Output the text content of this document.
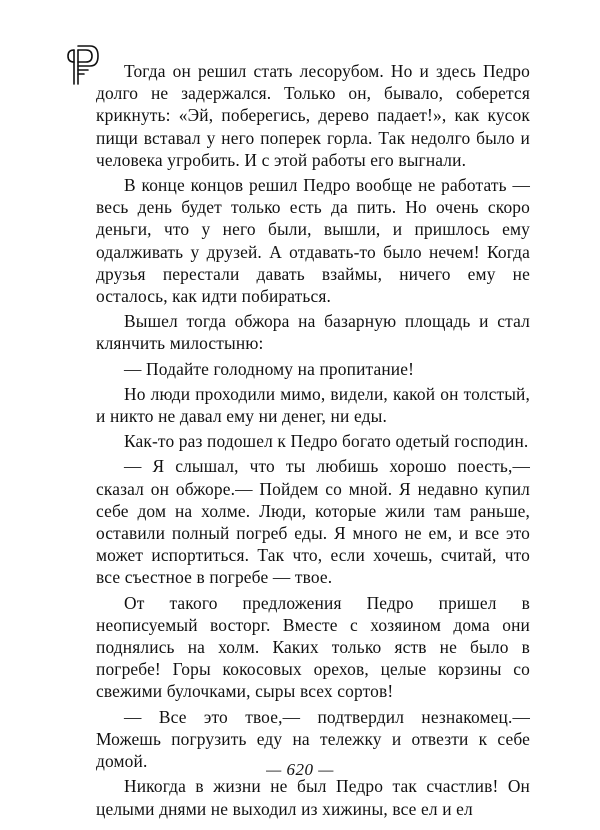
Тогда он решил стать лесорубом. Но и здесь Педро долго не задержался. Только он, бывало, соберется крикнуть: «Эй, поберегись, дерево падает!», как кусок пищи вставал у него поперек горла. Так недолго было и человека угробить. И с этой работы его выгнали.

В конце концов решил Педро вообще не работать — весь день будет только есть да пить. Но очень скоро деньги, что у него были, вышли, и пришлось ему одалживать у друзей. А отдавать-то было нечем! Когда друзья перестали давать взаймы, ничего ему не осталось, как идти побираться.

Вышел тогда обжора на базарную площадь и стал клянчить милостыню:

— Подайте голодному на пропитание!

Но люди проходили мимо, видели, какой он толстый, и никто не давал ему ни денег, ни еды.

Как-то раз подошел к Педро богато одетый господин.

— Я слышал, что ты любишь хорошо поесть,— сказал он обжоре.— Пойдем со мной. Я недавно купил себе дом на холме. Люди, которые жили там раньше, оставили полный погреб еды. Я много не ем, и все это может испортиться. Так что, если хочешь, считай, что все съестное в погребе — твое.

От такого предложения Педро пришел в неописуемый восторг. Вместе с хозяином дома они поднялись на холм. Каких только яств не было в погребе! Горы кокосовых орехов, целые корзины со свежими булочками, сыры всех сортов!

— Все это твое,— подтвердил незнакомец.— Можешь погрузить еду на тележку и отвезти к себе домой.

Никогда в жизни не был Педро так счастлив! Он целыми днями не выходил из хижины, все ел и ел

— 620 —
